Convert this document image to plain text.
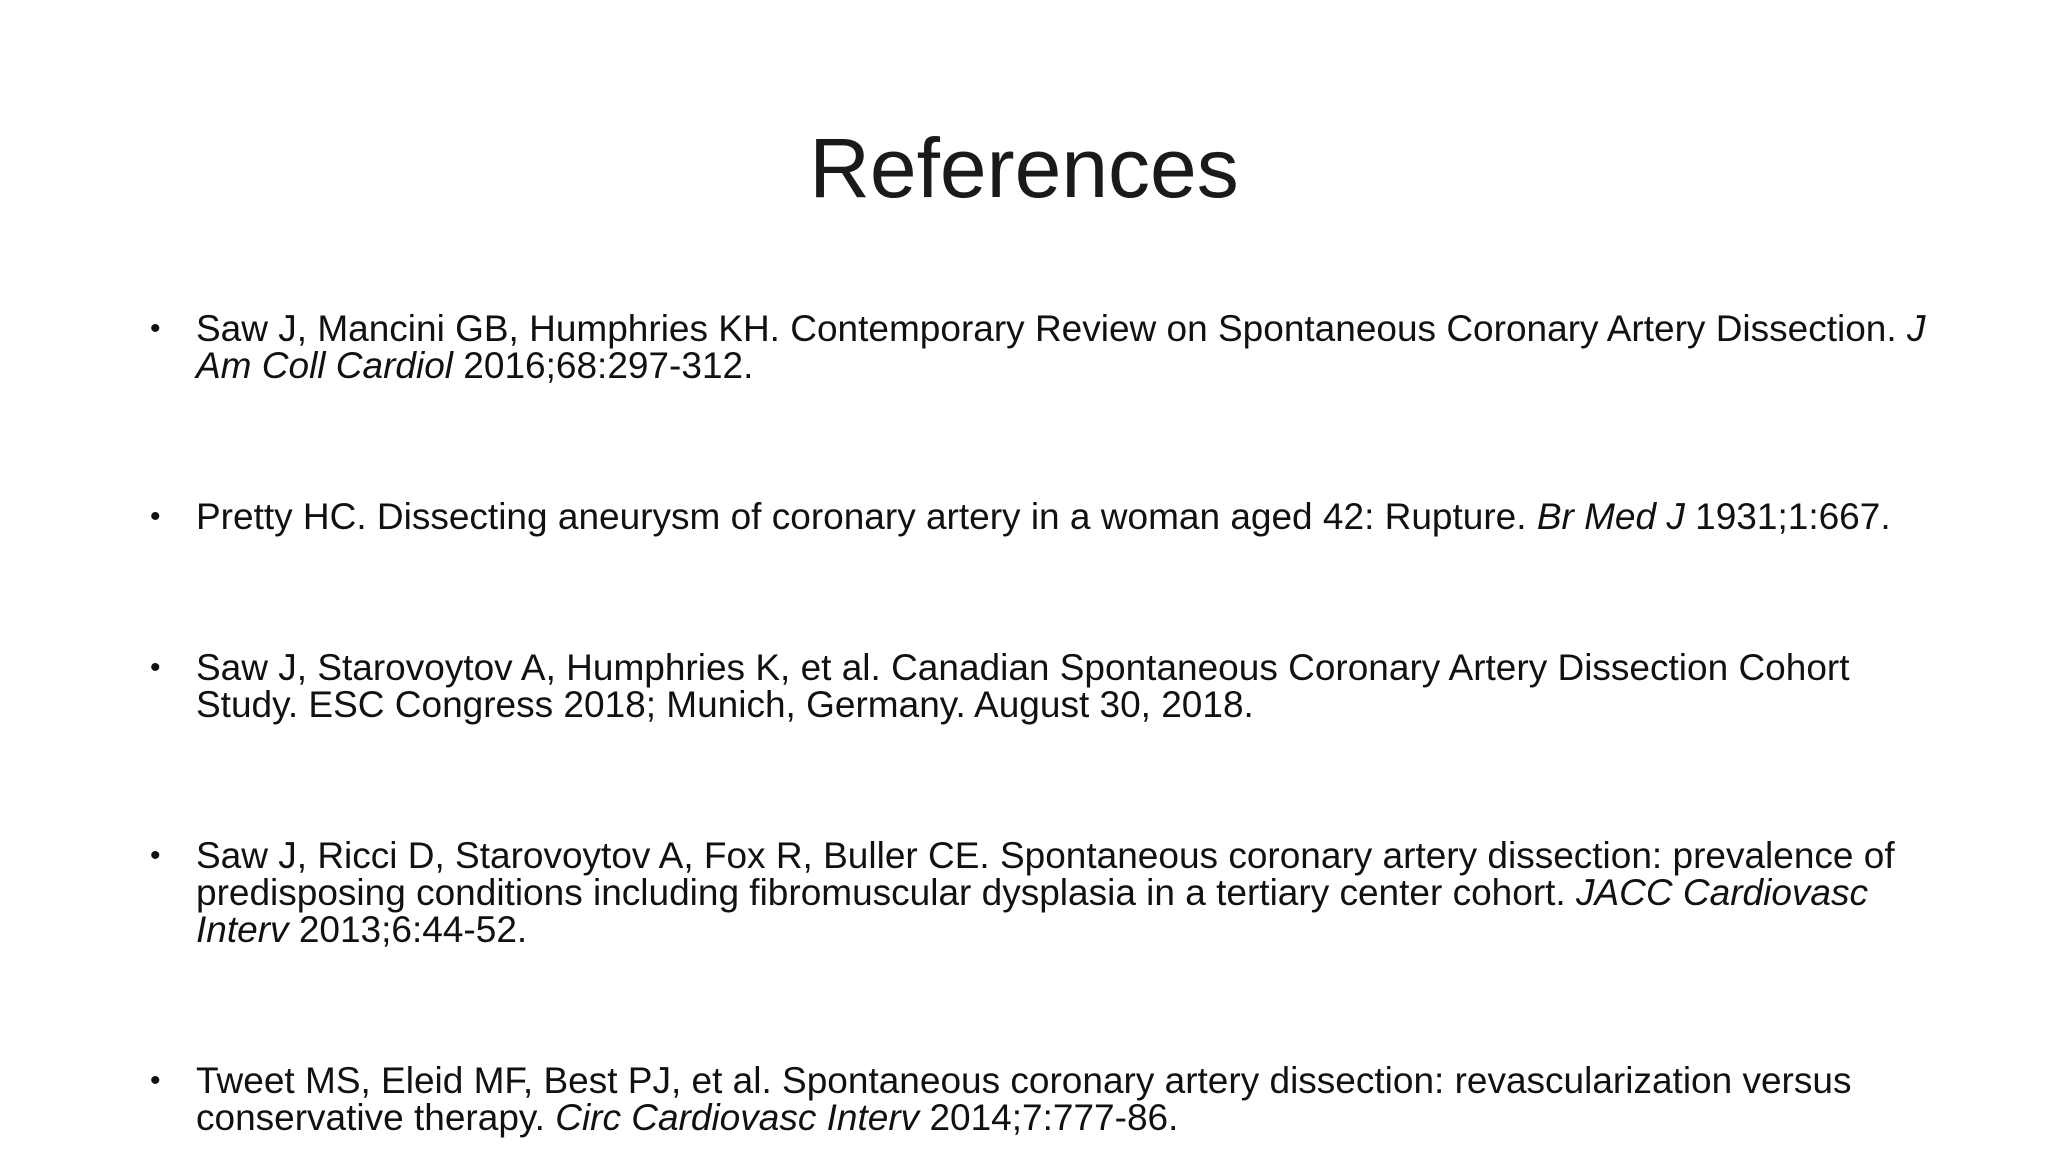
References
• Saw J, Mancini GB, Humphries KH. Contemporary Review on Spontaneous Coronary Artery Dissection. J Am Coll Cardiol 2016;68:297-312.
• Pretty HC. Dissecting aneurysm of coronary artery in a woman aged 42: Rupture. Br Med J 1931;1:667.
• Saw J, Starovoytov A, Humphries K, et al. Canadian Spontaneous Coronary Artery Dissection Cohort Study. ESC Congress 2018; Munich, Germany. August 30, 2018.
• Saw J, Ricci D, Starovoytov A, Fox R, Buller CE. Spontaneous coronary artery dissection: prevalence of predisposing conditions including fibromuscular dysplasia in a tertiary center cohort. JACC Cardiovasc Interv 2013;6:44-52.
• Tweet MS, Eleid MF, Best PJ, et al. Spontaneous coronary artery dissection: revascularization versus conservative therapy. Circ Cardiovasc Interv 2014;7:777-86.
